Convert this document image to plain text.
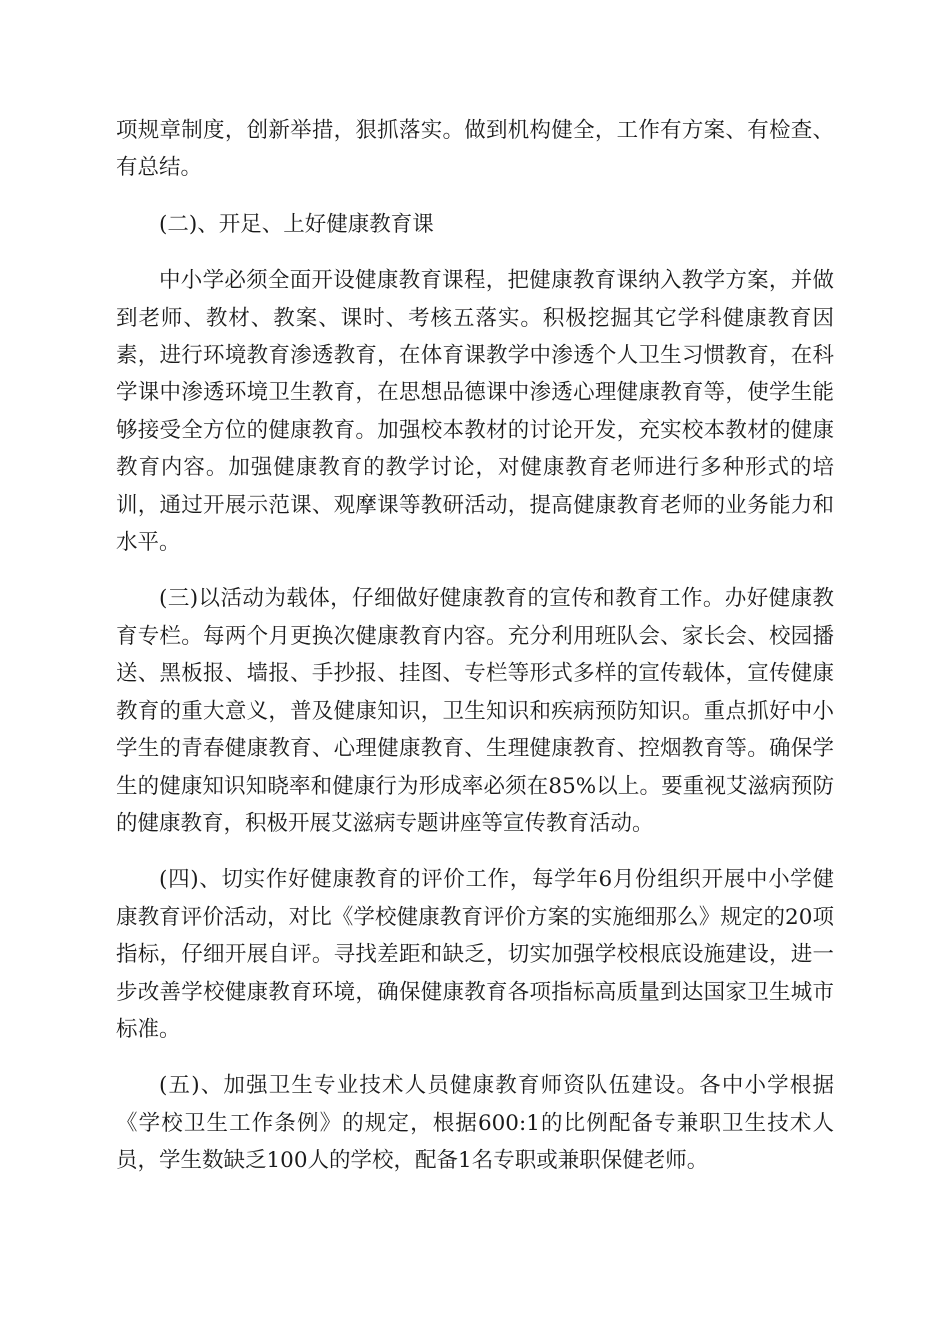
项规章制度，创新举措，狠抓落实。做到机构健全，工作有方案、有检查、有总结。

(二)、开足、上好健康教育课

中小学必须全面开设健康教育课程，把健康教育课纳入教学方案，并做到老师、教材、教案、课时、考核五落实。积极挖掘其它学科健康教育因素，进行环境教育渗透教育，在体育课教学中渗透个人卫生习惯教育，在科学课中渗透环境卫生教育，在思想品德课中渗透心理健康教育等，使学生能够接受全方位的健康教育。加强校本教材的讨论开发，充实校本教材的健康教育内容。加强健康教育的教学讨论，对健康教育老师进行多种形式的培训，通过开展示范课、观摩课等教研活动，提高健康教育老师的业务能力和水平。

(三)以活动为载体，仔细做好健康教育的宣传和教育工作。办好健康教育专栏。每两个月更换次健康教育内容。充分利用班队会、家长会、校园播送、黑板报、墙报、手抄报、挂图、专栏等形式多样的宣传载体，宣传健康教育的重大意义，普及健康知识，卫生知识和疾病预防知识。重点抓好中小学生的青春健康教育、心理健康教育、生理健康教育、控烟教育等。确保学生的健康知识知晓率和健康行为形成率必须在85%以上。要重视艾滋病预防的健康教育，积极开展艾滋病专题讲座等宣传教育活动。

(四)、切实作好健康教育的评价工作，每学年6月份组织开展中小学健康教育评价活动，对比《学校健康教育评价方案的实施细那么》规定的20项指标，仔细开展自评。寻找差距和缺乏，切实加强学校根底设施建设，进一步改善学校健康教育环境，确保健康教育各项指标高质量到达国家卫生城市标准。

(五)、加强卫生专业技术人员健康教育师资队伍建设。各中小学根据《学校卫生工作条例》的规定，根据600:1的比例配备专兼职卫生技术人员，学生数缺乏100人的学校，配备1名专职或兼职保健老师。
